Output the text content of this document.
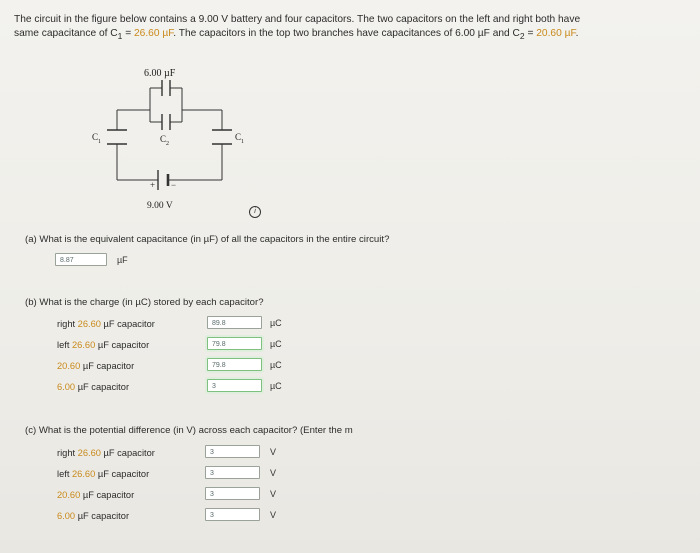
The circuit in the figure below contains a 9.00 V battery and four capacitors. The two capacitors on the left and right both have
same capacitance of $C_1 = 26.60$ µF. The capacitors in the top two branches have capacitances of 6.00 µF and $C_2 = 20.60$ µF.
6.00 µF
$C_1$	$C_2$
$C_1$
+ −
9.00 V
i
(a) What is the equivalent capacitance (in µF) of all the capacitors in the entire circuit?
8.87	µF
(b) What is the charge (in µC) stored by each capacitor?
right 26.60 µF capacitor	89.8	µC
left 26.60 µF capacitor	79.8	µC
20.60 µF capacitor	79.8	µC
6.00 µF capacitor	3	µC
(c) What is the potential difference (in V) across each capacitor? (Enter the m
right 26.60 µF capacitor	3	V
left 26.60 µF capacitor	3	V
20.60 µF capacitor	3	V
6.00 µF capacitor	3	V
